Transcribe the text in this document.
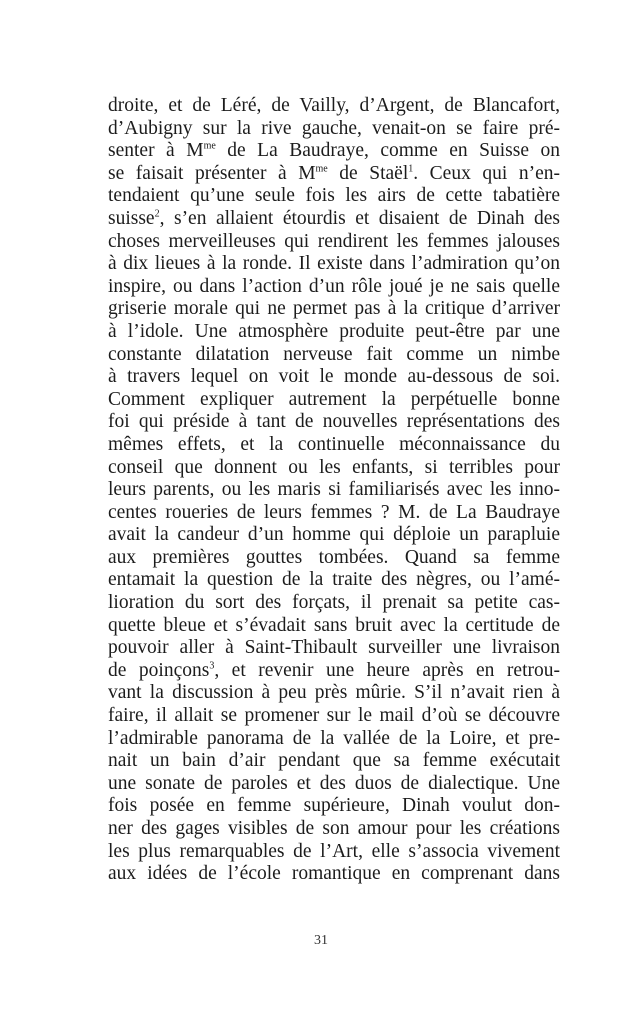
droite, et de Léré, de Vailly, d’Argent, de Blancafort,
d’Aubigny sur la rive gauche, venait-on se faire pré-
senter à $M^{me}$ de La Baudraye, comme en Suisse on
se faisait présenter à $M^{me}$ de Staël$^1$. Ceux qui n’en-
tendaient qu’une seule fois les airs de cette tabatière
suisse$^2$, s’en allaient étourdis et disaient de Dinah des
choses merveilleuses qui rendirent les femmes jalouses
à dix lieues à la ronde. Il existe dans l’admiration qu’on
inspire, ou dans l’action d’un rôle joué je ne sais quelle
griserie morale qui ne permet pas à la critique d’arriver
à l’idole. Une atmosphère produite peut-être par une
constante dilatation nerveuse fait comme un nimbe
à travers lequel on voit le monde au-dessous de soi.
Comment expliquer autrement la perpétuelle bonne
foi qui préside à tant de nouvelles représentations des
mêmes effets, et la continuelle méconnaissance du
conseil que donnent ou les enfants, si terribles pour
leurs parents, ou les maris si familiarisés avec les inno-
centes roueries de leurs femmes ? M. de La Baudraye
avait la candeur d’un homme qui déploie un parapluie
aux premières gouttes tombées. Quand sa femme
entamait la question de la traite des nègres, ou l’amé-
lioration du sort des forçats, il prenait sa petite cas-
quette bleue et s’évadait sans bruit avec la certitude de
pouvoir aller à Saint-Thibault surveiller une livraison
de poinçons$^3$, et revenir une heure après en retrou-
vant la discussion à peu près mûrie. S’il n’avait rien à
faire, il allait se promener sur le mail d’où se découvre
l’admirable panorama de la vallée de la Loire, et pre-
nait un bain d’air pendant que sa femme exécutait
une sonate de paroles et des duos de dialectique. Une
fois posée en femme supérieure, Dinah voulut don-
ner des gages visibles de son amour pour les créations
les plus remarquables de l’Art, elle s’associa vivement
aux idées de l’école romantique en comprenant dans
31
